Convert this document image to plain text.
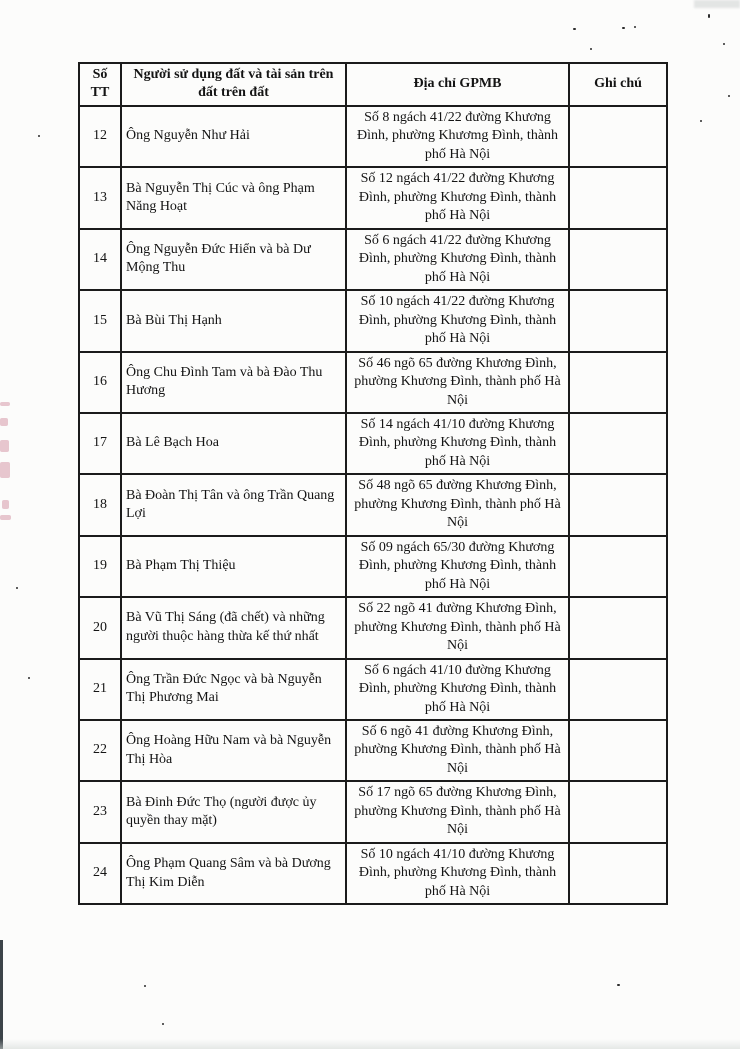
Số TT	Người sử dụng đất và tài sản trên đất trên đất	Địa chỉ GPMB	Ghi chú
12	Ông Nguyễn Như Hải	Số 8 ngách 41/22 đường Khương Đình, phường Khươmg Đình, thành phố Hà Nội	
13	Bà Nguyễn Thị Cúc và ông Phạm Năng Hoạt	Số 12 ngách 41/22 đường Khương Đình, phường Khương Đình, thành phố Hà Nội	
14	Ông Nguyễn Đức Hiển và bà Dư Mộng Thu	Số 6 ngách 41/22 đường Khương Đình, phường Khương Đình, thành phố Hà Nội	
15	Bà Bùi Thị Hạnh	Số 10 ngách 41/22 đường Khương Đình, phường Khương Đình, thành phố Hà Nội	
16	Ông Chu Đình Tam và bà Đào Thu Hương	Số 46 ngõ 65 đường Khương Đình, phường Khương Đình, thành phố Hà Nội	
17	Bà Lê Bạch Hoa	Số 14 ngách 41/10 đường Khương Đình, phường Khương Đình, thành phố Hà Nội	
18	Bà Đoàn Thị Tân và ông Trần Quang Lợi	Số 48 ngõ 65 đường Khương Đình, phường Khương Đình, thành phố Hà Nội	
19	Bà Phạm Thị Thiệu	Số 09 ngách 65/30 đường Khương Đình, phường Khương Đình, thành phố Hà Nội	
20	Bà Vũ Thị Sáng (đã chết) và những người thuộc hàng thừa kế thứ nhất	Số 22 ngõ 41 đường Khương Đình, phường Khương Đình, thành phố Hà Nội	
21	Ông Trần Đức Ngọc và bà Nguyễn Thị Phương Mai	Số 6 ngách 41/10 đường Khương Đình, phường Khương Đình, thành phố Hà Nội	
22	Ông Hoàng Hữu Nam và bà Nguyễn Thị Hòa	Số 6 ngõ 41 đường Khương Đình, phường Khương Đình, thành phố Hà Nội	
23	Bà Đinh Đức Thọ (người được ủy quyền thay mặt)	Số 17 ngõ 65 đường Khương Đình, phường Khương Đình, thành phố Hà Nội	
24	Ông Phạm Quang Sâm và bà Dương Thị Kim Diễn	Số 10 ngách 41/10 đường Khương Đình, phường Khương Đình, thành phố Hà Nội	
